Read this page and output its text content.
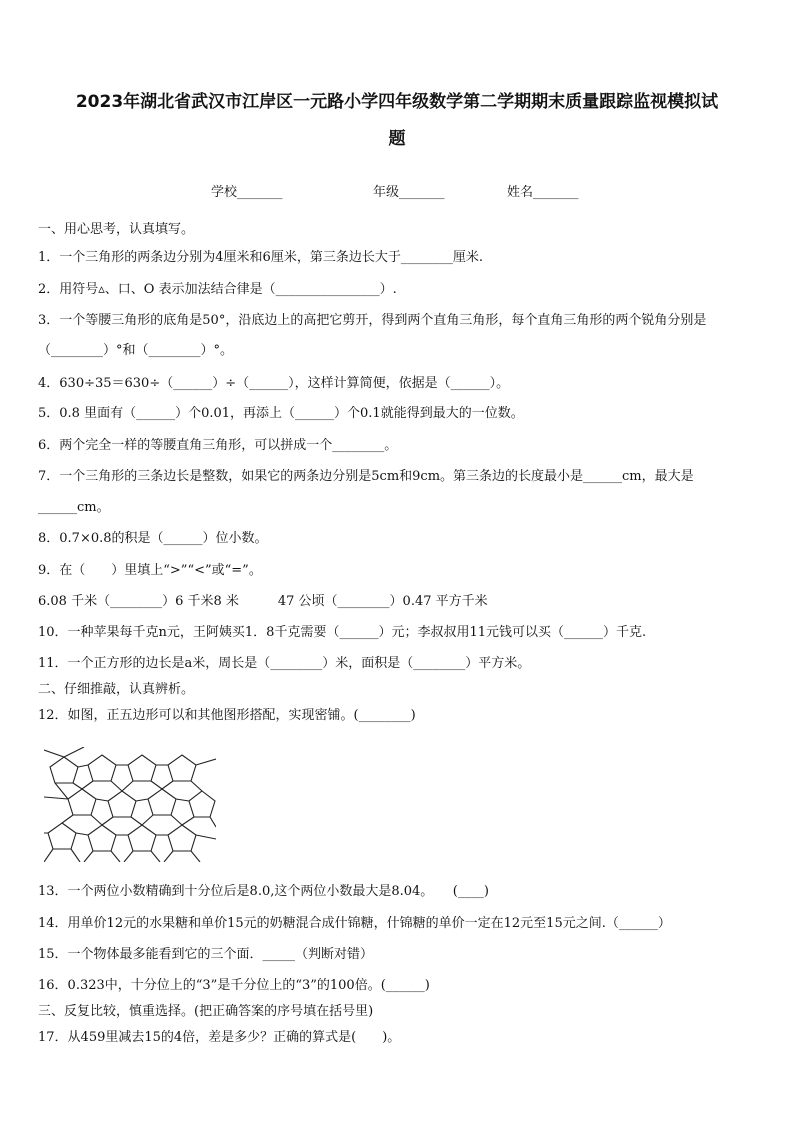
2023年湖北省武汉市江岸区一元路小学四年级数学第二学期期末质量跟踪监视模拟试
题
学校_______	年级_______	姓名_______
一、用心思考，认真填写。
1．一个三角形的两条边分别为4厘米和6厘米，第三条边长大于________厘米.
2．用符号▵、口、O 表示加法结合律是（________________）.
3．一个等腰三角形的底角是50°，沿底边上的高把它剪开，得到两个直角三角形，每个直角三角形的两个锐角分别是
（________）°和（________）°。
4．630÷35＝630÷（______）÷（______），这样计算简便，依据是（______）。
5．0.8 里面有（______）个0.01，再添上（______）个0.1就能得到最大的一位数。
6．两个完全一样的等腰直角三角形，可以拼成一个________。
7．一个三角形的三条边长是整数，如果它的两条边分别是5cm和9cm。第三条边的长度最小是______cm，最大是
______cm。
8．0.7×0.8的积是（______）位小数。
9．在（　　）里填上“>”“<”或“=”。
6.08 千米（________）6 千米8 米　　　47 公顷（________）0.47 平方千米
10．一种苹果每千克n元，王阿姨买1．8千克需要（______）元；李叔叔用11元钱可以买（______）千克.
11．一个正方形的边长是a米，周长是（________）米，面积是（________）平方米。
二、仔细推敲，认真辨析。
12．如图，正五边形可以和其他图形搭配，实现密铺。(________)
13．一个两位小数精确到十分位后是8.0,这个两位小数最大是8.04。　　(____)
14．用单价12元的水果糖和单价15元的奶糖混合成什锦糖，什锦糖的单价一定在12元至15元之间.（______）
15．一个物体最多能看到它的三个面．_____（判断对错）
16．0.323中，十分位上的“3”是千分位上的“3”的100倍。(______)
三、反复比较，慎重选择。(把正确答案的序号填在括号里)
17．从459里减去15的4倍，差是多少？正确的算式是(　　)。
